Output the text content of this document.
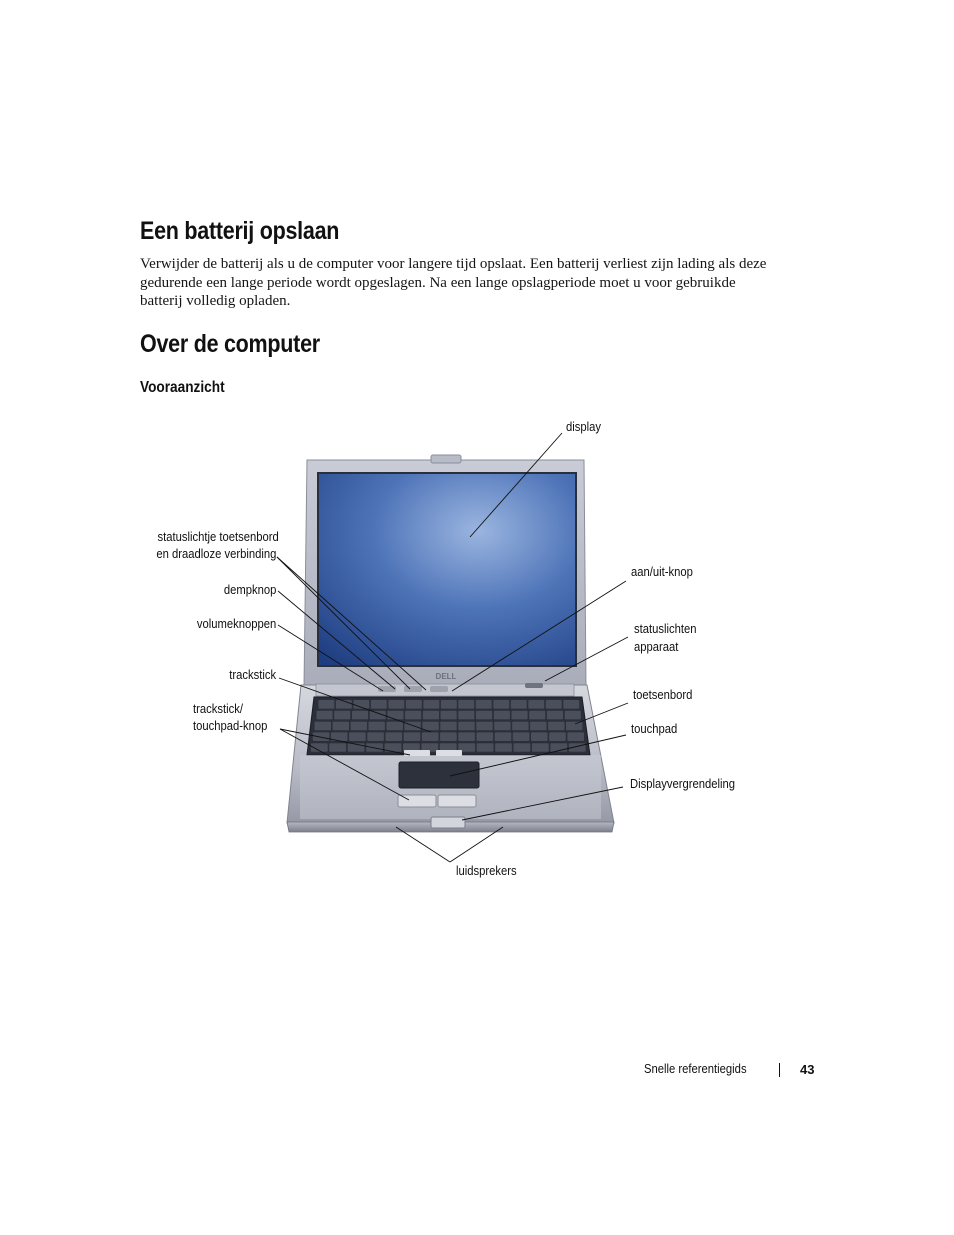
Een batterij opslaan

Verwijder de batterij als u de computer voor langere tijd opslaat. Een batterij verliest zijn lading als deze gedurende een lange periode wordt opgeslagen. Na een lange opslagperiode moet u voor gebruikde batterij volledig opladen.

Over de computer
Vooraanzicht
DELL
display
statuslichtje toetsenbord
en draadloze verbinding
dempknop
volumeknoppen
trackstick
trackstick/
touchpad-knop
aan/uit-knop
statuslichten
apparaat
toetsenbord
touchpad
Displayvergrendeling
luidsprekers
Snelle referentiegids	43
